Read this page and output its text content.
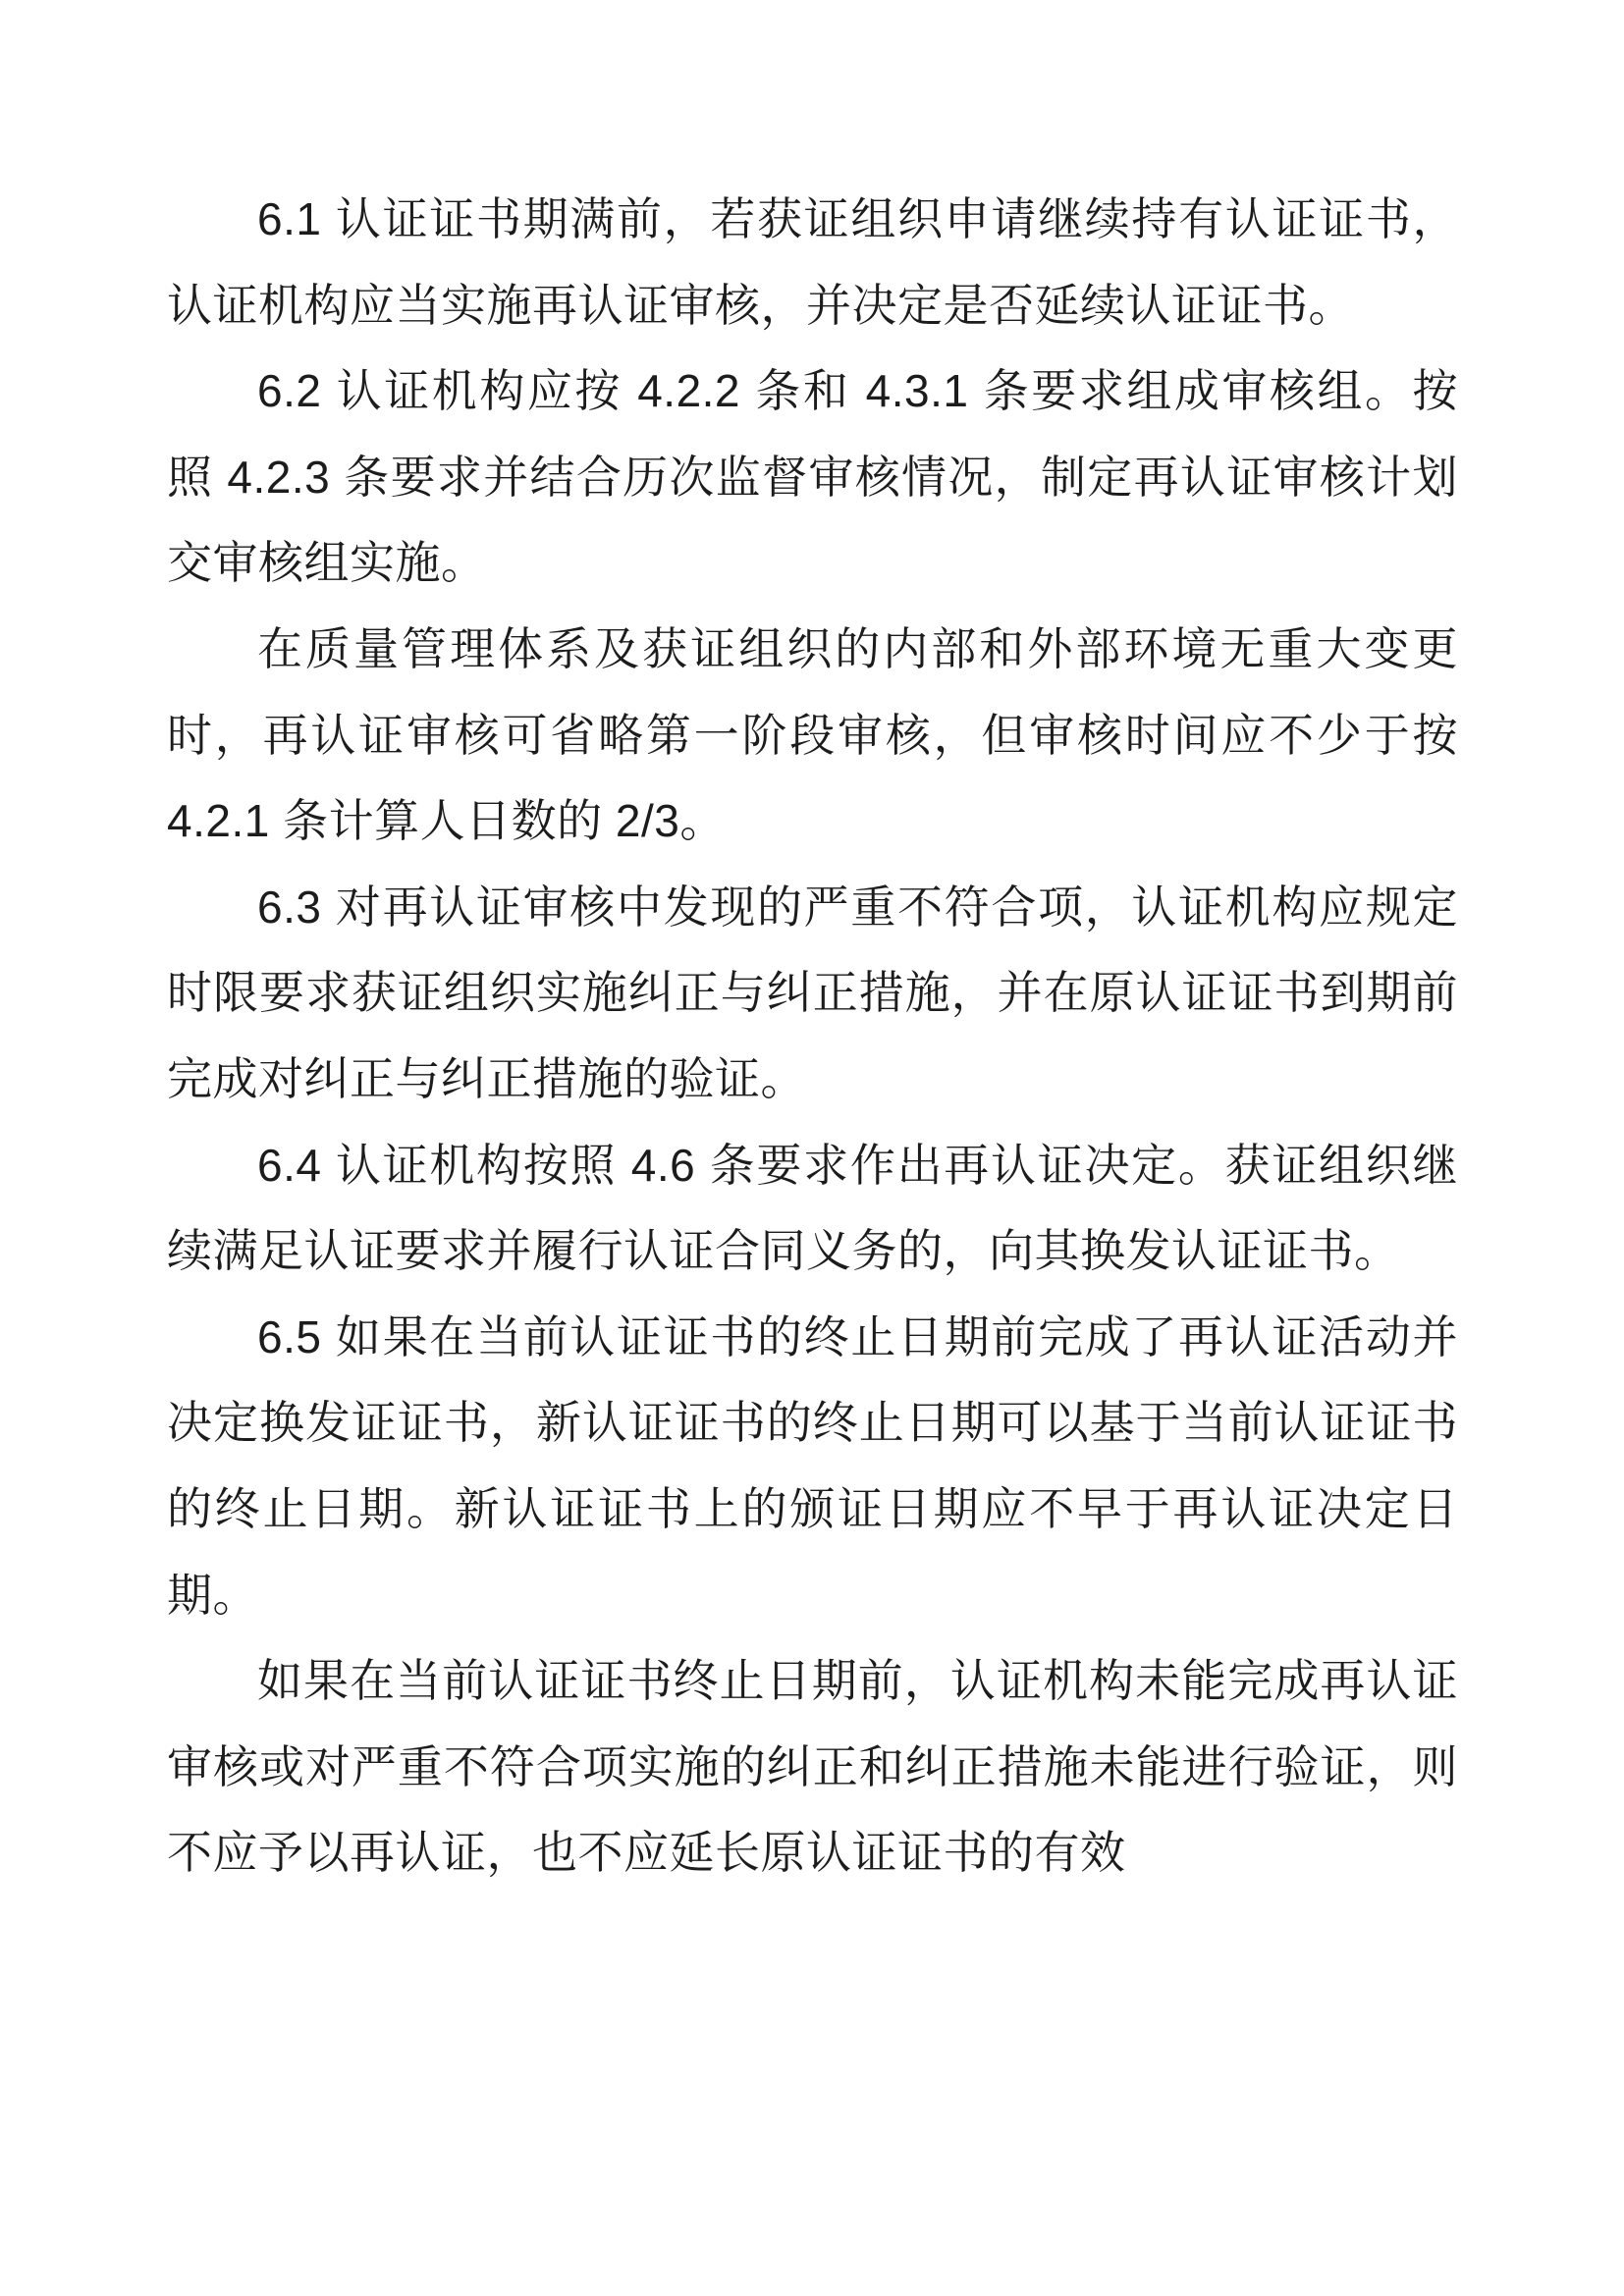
6.1 认证证书期满前，若获证组织申请继续持有认证证书，认证机构应当实施再认证审核，并决定是否延续认证证书。

6.2 认证机构应按 4.2.2 条和 4.3.1 条要求组成审核组。按照 4.2.3 条要求并结合历次监督审核情况，制定再认证审核计划交审核组实施。

在质量管理体系及获证组织的内部和外部环境无重大变更时，再认证审核可省略第一阶段审核，但审核时间应不少于按 4.2.1 条计算人日数的 2/3。

6.3 对再认证审核中发现的严重不符合项，认证机构应规定时限要求获证组织实施纠正与纠正措施，并在原认证证书到期前完成对纠正与纠正措施的验证。

6.4 认证机构按照 4.6 条要求作出再认证决定。获证组织继续满足认证要求并履行认证合同义务的，向其换发认证证书。

6.5 如果在当前认证证书的终止日期前完成了再认证活动并决定换发证证书，新认证证书的终止日期可以基于当前认证证书的终止日期。新认证证书上的颁证日期应不早于再认证决定日期。

如果在当前认证证书终止日期前，认证机构未能完成再认证审核或对严重不符合项实施的纠正和纠正措施未能进行验证，则不应予以再认证，也不应延长原认证证书的有效
